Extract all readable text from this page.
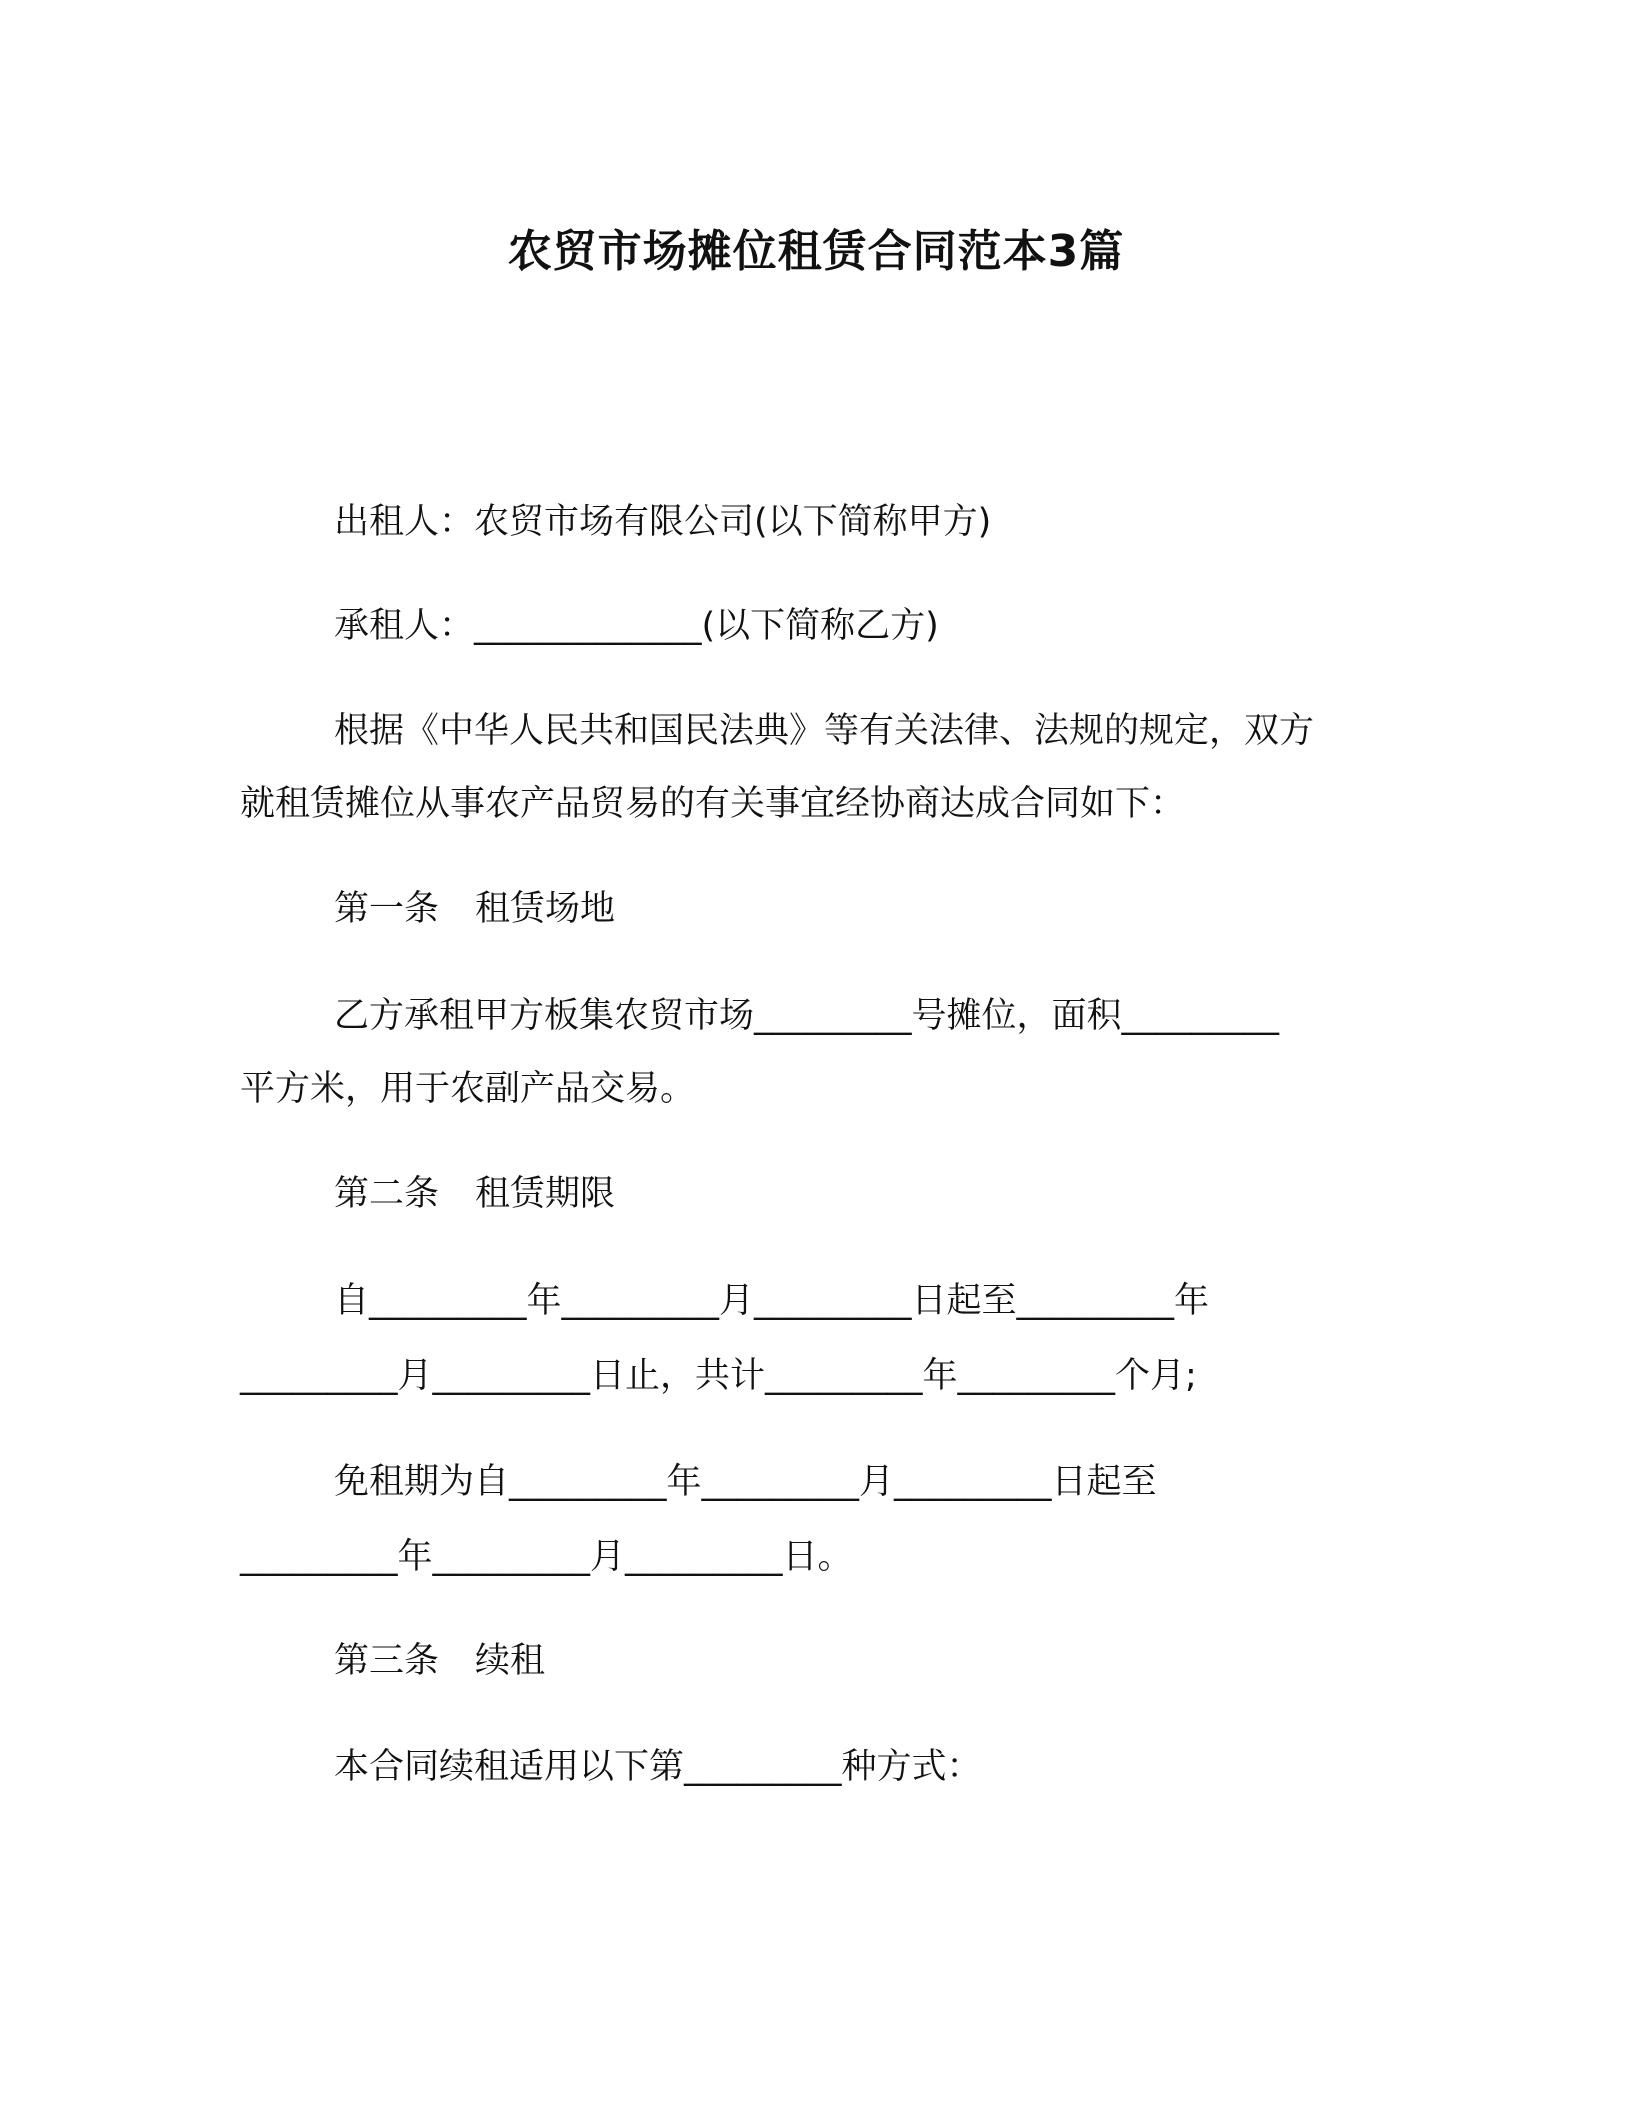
农贸市场摊位租赁合同范本3篇

出租人：农贸市场有限公司(以下简称甲方)

承租人：_____________(以下简称乙方)

根据《中华人民共和国民法典》等有关法律、法规的规定，双方

就租赁摊位从事农产品贸易的有关事宜经协商达成合同如下：

第一条 租赁场地

乙方承租甲方板集农贸市场_________号摊位，面积_________

平方米，用于农副产品交易。

第二条 租赁期限

自_________年_________月_________日起至_________年

_________月_________日止，共计_________年_________个月;

免租期为自_________年_________月_________日起至

_________年_________月_________日。

第三条 续租

本合同续租适用以下第_________种方式：
